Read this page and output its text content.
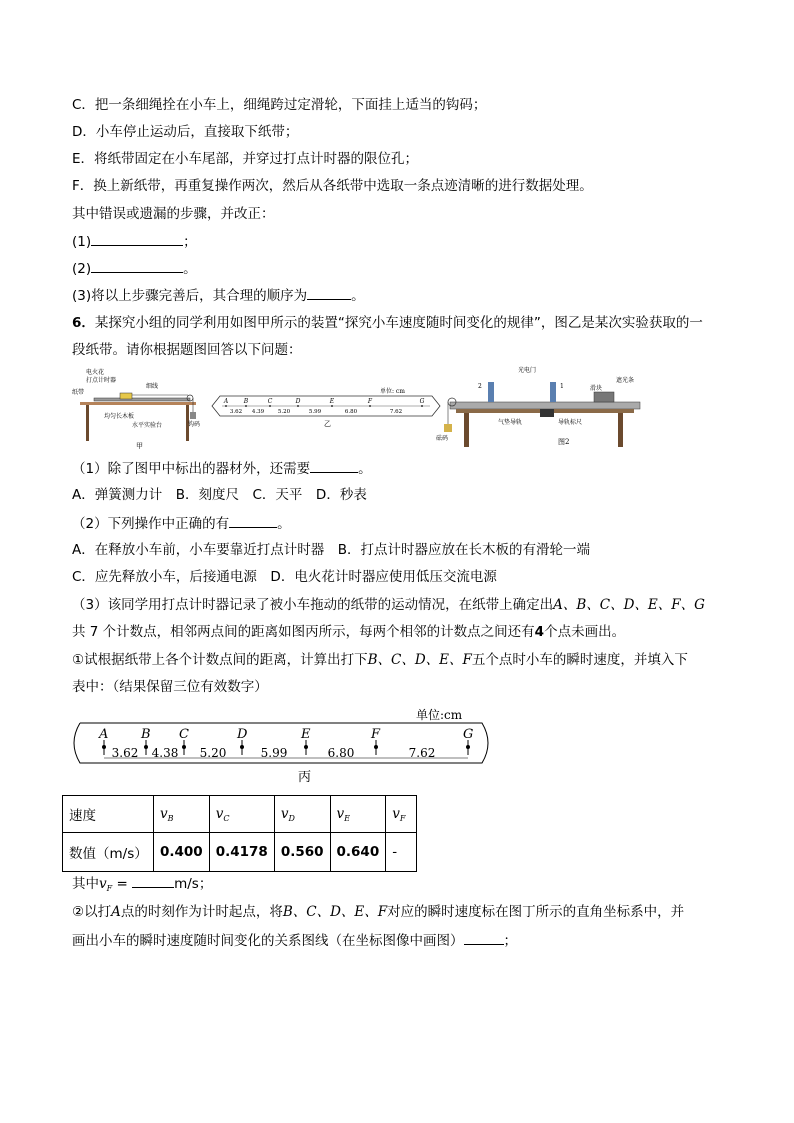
C．把一条细绳拴在小车上，细绳跨过定滑轮，下面挂上适当的钩码；
D．小车停止运动后，直接取下纸带；
E．将纸带固定在小车尾部，并穿过打点计时器的限位孔；
F．换上新纸带，再重复操作两次，然后从各纸带中选取一条点迹清晰的进行数据处理。
其中错误或遗漏的步骤，并改正：
(1)	；
(2)	。
(3)将以上步骤完善后，其合理的顺序为	。
6．某探究小组的同学利用如图甲所示的装置“探究小车速度随时间变化的规律”，图乙是某次实验获取的一
段纸带。请你根据题图回答以下问题：
电火花
打点计时器
纸带
细线
均匀长木板
水平实验台	钩码
甲
A	B	C	D	E	F	G
3.62 4.39	5.20	5.99	6.80	7.62
单位: cm
乙
光电门
2	1
遮光条
滑块
气垫导轨	导轨标尺
砝码	图2
（1）除了图甲中标出的器材外，还需要	。
A．弹簧测力计　B．刻度尺　C．天平　D．秒表
（2）下列操作中正确的有	。
A．在释放小车前，小车要靠近打点计时器　B．打点计时器应放在长木板的有滑轮一端
C．应先释放小车，后接通电源　D．电火花计时器应使用低压交流电源
（3）该同学用打点计时器记录了被小车拖动的纸带的运动情况，在纸带上确定出A、B、C、D、E、F、G
共 7 个计数点，相邻两点间的距离如图丙所示，每两个相邻的计数点之间还有4个点未画出。
①试根据纸带上各个计数点间的距离，计算出打下B、C、D、E、F五个点时小车的瞬时速度，并填入下
表中：（结果保留三位有效数字）
单位:cm
A	B C	D	E	F	G
3.62 4.38 5.20	5.99	6.80	7.62
丙
速度	$v_B$	$v_C$	$v_D$	$v_E$	$v_F$
数值（m/s）	0.400	0.4178	0.560	0.640	-
其中$v_F$ =	m/s；
②以打A点的时刻作为计时起点，将B、C、D、E、F对应的瞬时速度标在图丁所示的直角坐标系中，并
画出小车的瞬时速度随时间变化的关系图线（在坐标图像中画图）	；
